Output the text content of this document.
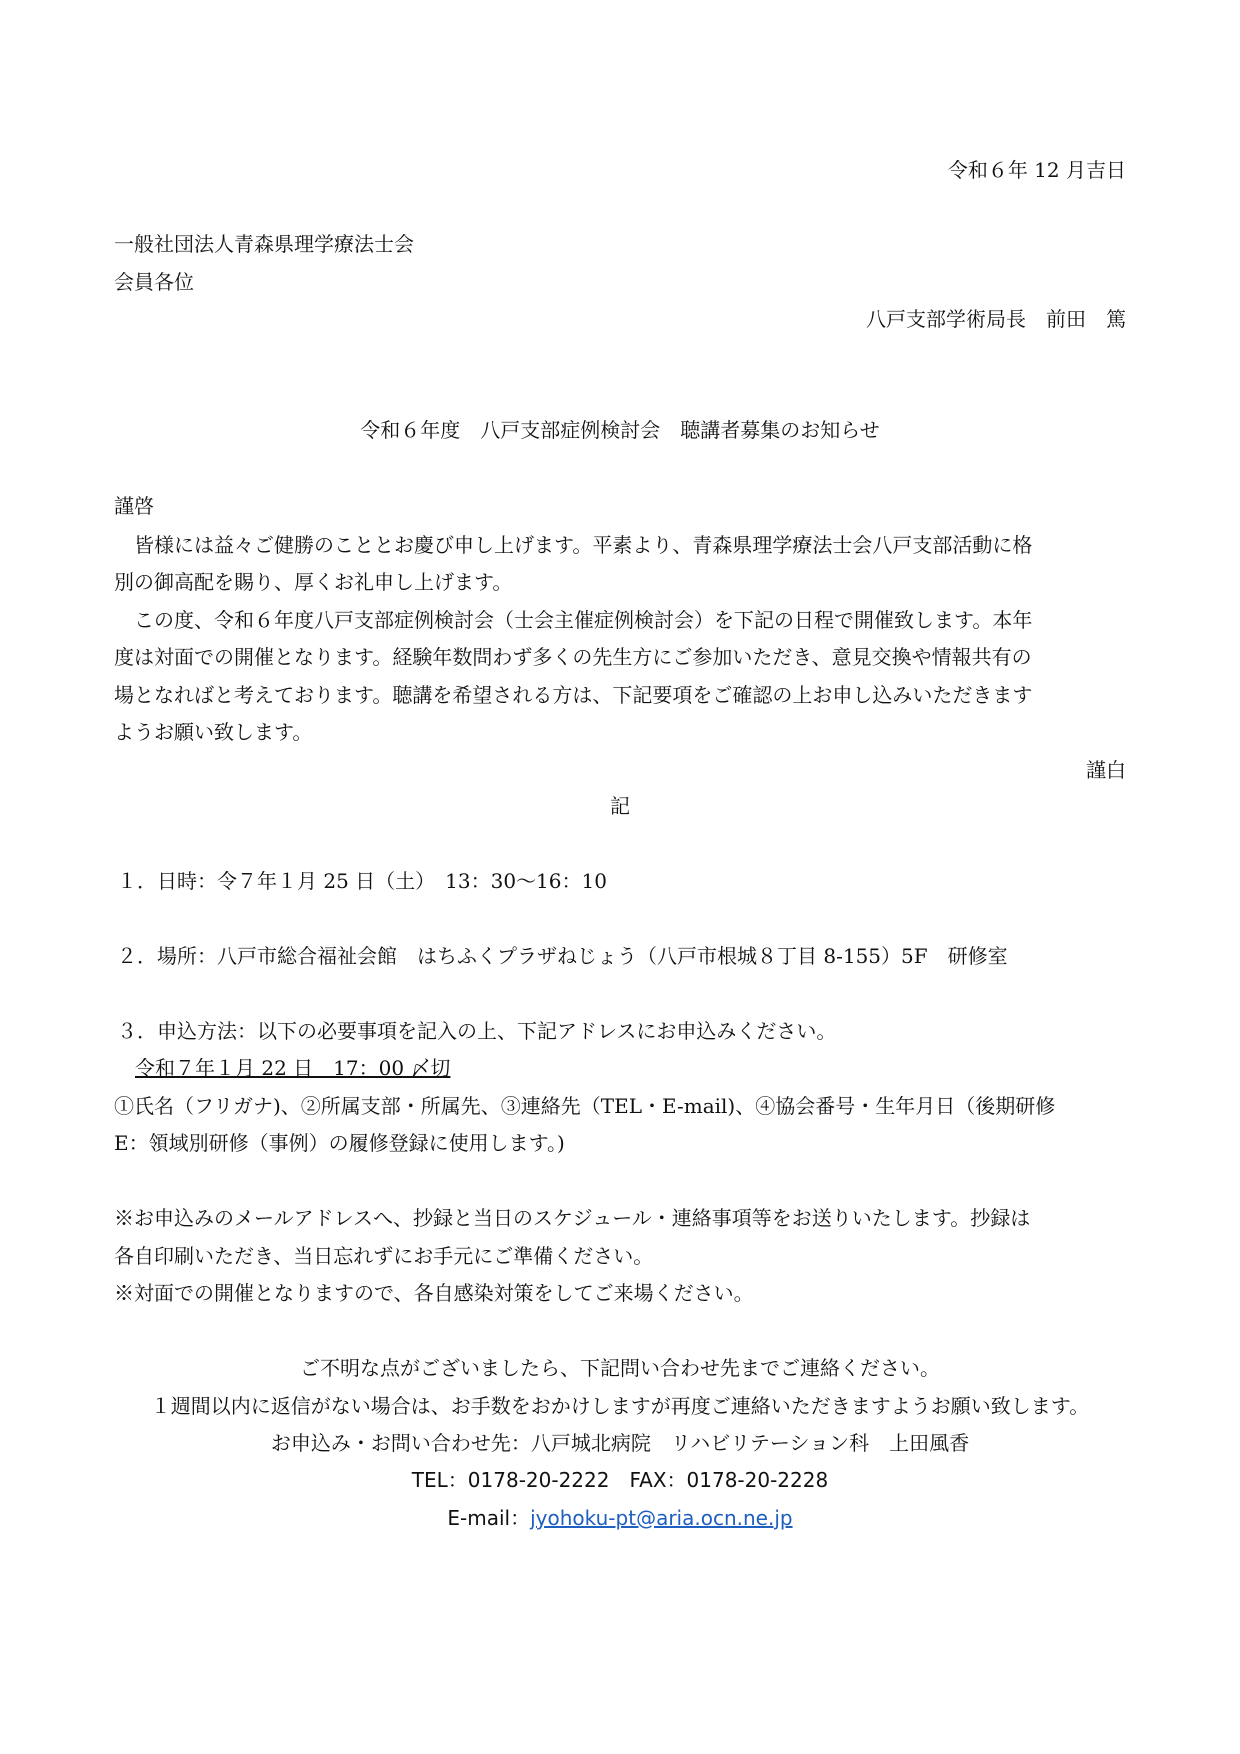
令和６年 12 月吉日
一般社団法人青森県理学療法士会
会員各位
八戸支部学術局長　前田　篤
令和６年度　八戸支部症例検討会　聴講者募集のお知らせ
謹啓
　皆様には益々ご健勝のこととお慶び申し上げます。平素より、青森県理学療法士会八戸支部活動に格
別の御高配を賜り、厚くお礼申し上げます。
　この度、令和６年度八戸支部症例検討会（士会主催症例検討会）を下記の日程で開催致します。本年
度は対面での開催となります。経験年数問わず多くの先生方にご参加いただき、意見交換や情報共有の
場となればと考えております。聴講を希望される方は、下記要項をご確認の上お申し込みいただきます
ようお願い致します。
謹白
記
１．日時：令７年１月 25 日（土）　13：30～16：10
２．場所：八戸市総合福祉会館　はちふくプラザねじょう（八戸市根城８丁目 8-155）5F　研修室
３．申込方法：以下の必要事項を記入の上、下記アドレスにお申込みください。
令和７年１月 22 日　17：00 〆切
①氏名（フリガナ)、②所属支部・所属先、③連絡先（TEL・E-mail)、④協会番号・生年月日（後期研修
E：領域別研修（事例）の履修登録に使用します。)
※お申込みのメールアドレスへ、抄録と当日のスケジュール・連絡事項等をお送りいたします。抄録は
各自印刷いただき、当日忘れずにお手元にご準備ください。
※対面での開催となりますので、各自感染対策をしてご来場ください。
ご不明な点がございましたら、下記問い合わせ先までご連絡ください。
１週間以内に返信がない場合は、お手数をおかけしますが再度ご連絡いただきますようお願い致します。
お申込み・お問い合わせ先：八戸城北病院　リハビリテーション科　上田風香
TEL：0178-20-2222　FAX：0178-20-2228
E-mail：jyohoku-pt@aria.ocn.ne.jp
